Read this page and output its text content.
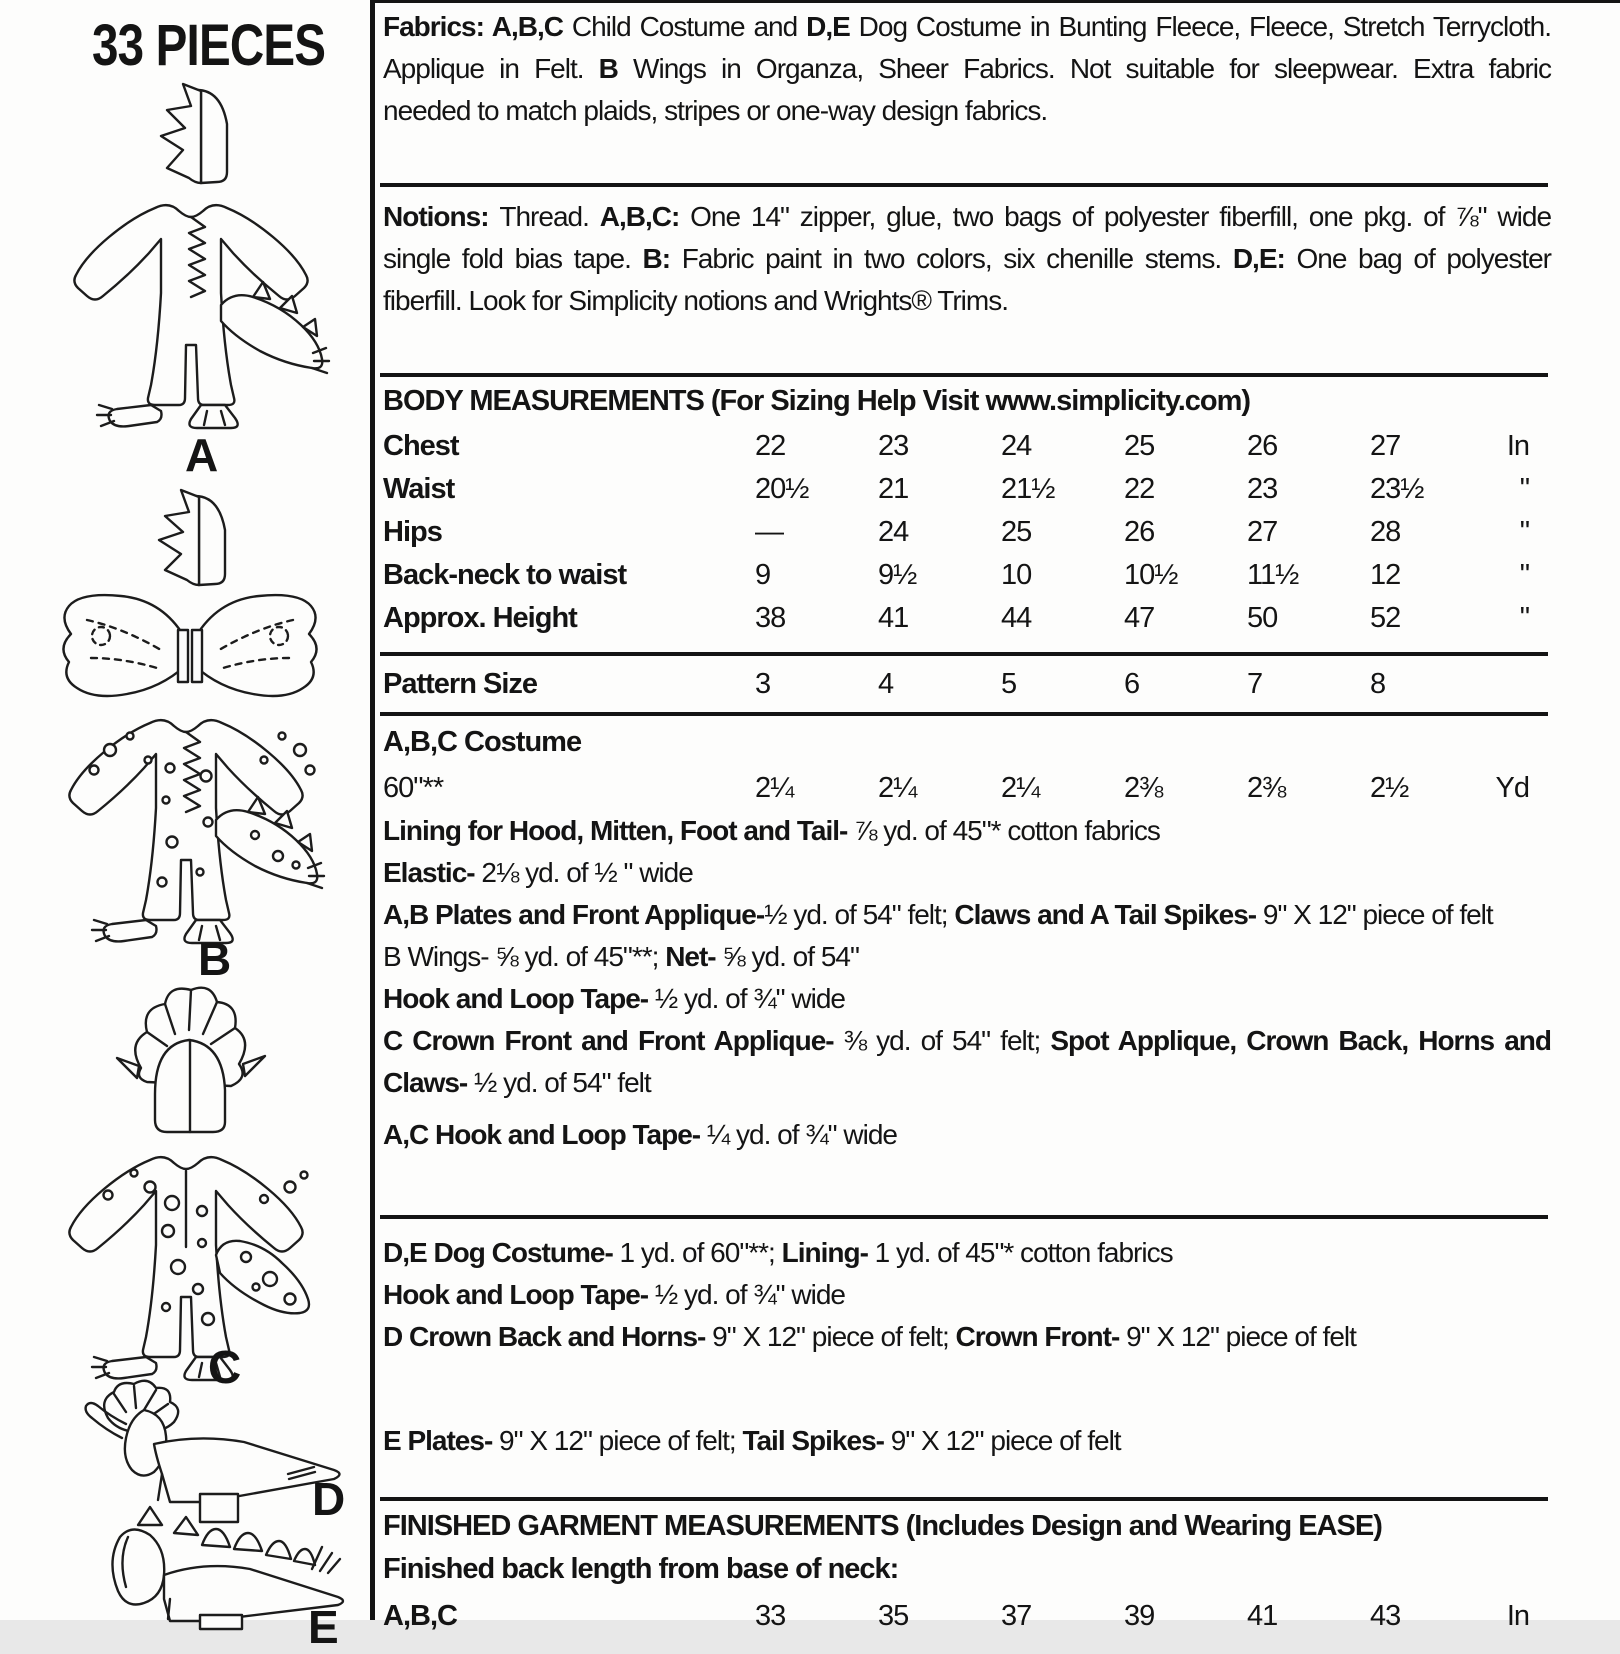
33 PIECES
A
B
C
D
E
Fabrics: A,B,C Child Costume and D,E Dog Costume in Bunting Fleece, Fleece, Stretch Terrycloth.
Applique in Felt. B Wings in Organza, Sheer Fabrics. Not suitable for sleepwear. Extra fabric
needed to match plaids, stripes or one-way design fabrics.
Notions: Thread. A,B,C: One 14" zipper, glue, two bags of polyester fiberfill, one pkg. of ⅞" wide
single fold bias tape. B: Fabric paint in two colors, six chenille stems. D,E: One bag of polyester
fiberfill. Look for Simplicity notions and Wrights® Trims.
BODY MEASUREMENTS (For Sizing Help Visit www.simplicity.com)
Chest	22	23	24	25	26	27	In
Waist	20½	21	21½	22	23	23½	"
Hips	—	24	25	26	27	28	"
Back-neck to waist	9	9½	10	10½	11½	12	"
Approx. Height	38	41	44	47	50	52	"
Pattern Size	3	4	5	6	7	8
A,B,C Costume
60"**	2¼	2¼	2¼	2⅜	2⅜	2½	Yd
Lining for Hood, Mitten, Foot and Tail- ⅞ yd. of 45"* cotton fabrics
Elastic- 2⅛ yd. of ½ " wide
A,B Plates and Front Applique-½ yd. of 54" felt; Claws and A Tail Spikes- 9" X 12" piece of felt
B Wings- ⅝ yd. of 45"**; Net- ⅝ yd. of 54"
Hook and Loop Tape- ½ yd. of ¾" wide
C Crown Front and Front Applique- ⅜ yd. of 54" felt; Spot Applique, Crown Back, Horns and
Claws- ½ yd. of 54" felt
A,C Hook and Loop Tape- ¼ yd. of ¾" wide
D,E Dog Costume- 1 yd. of 60"**; Lining- 1 yd. of 45"* cotton fabrics
Hook and Loop Tape- ½ yd. of ¾" wide
D Crown Back and Horns- 9" X 12" piece of felt; Crown Front- 9" X 12" piece of felt
E Plates- 9" X 12" piece of felt; Tail Spikes- 9" X 12" piece of felt
FINISHED GARMENT MEASUREMENTS (Includes Design and Wearing EASE)
Finished back length from base of neck:
A,B,C	33	35	37	39	41	43	In
